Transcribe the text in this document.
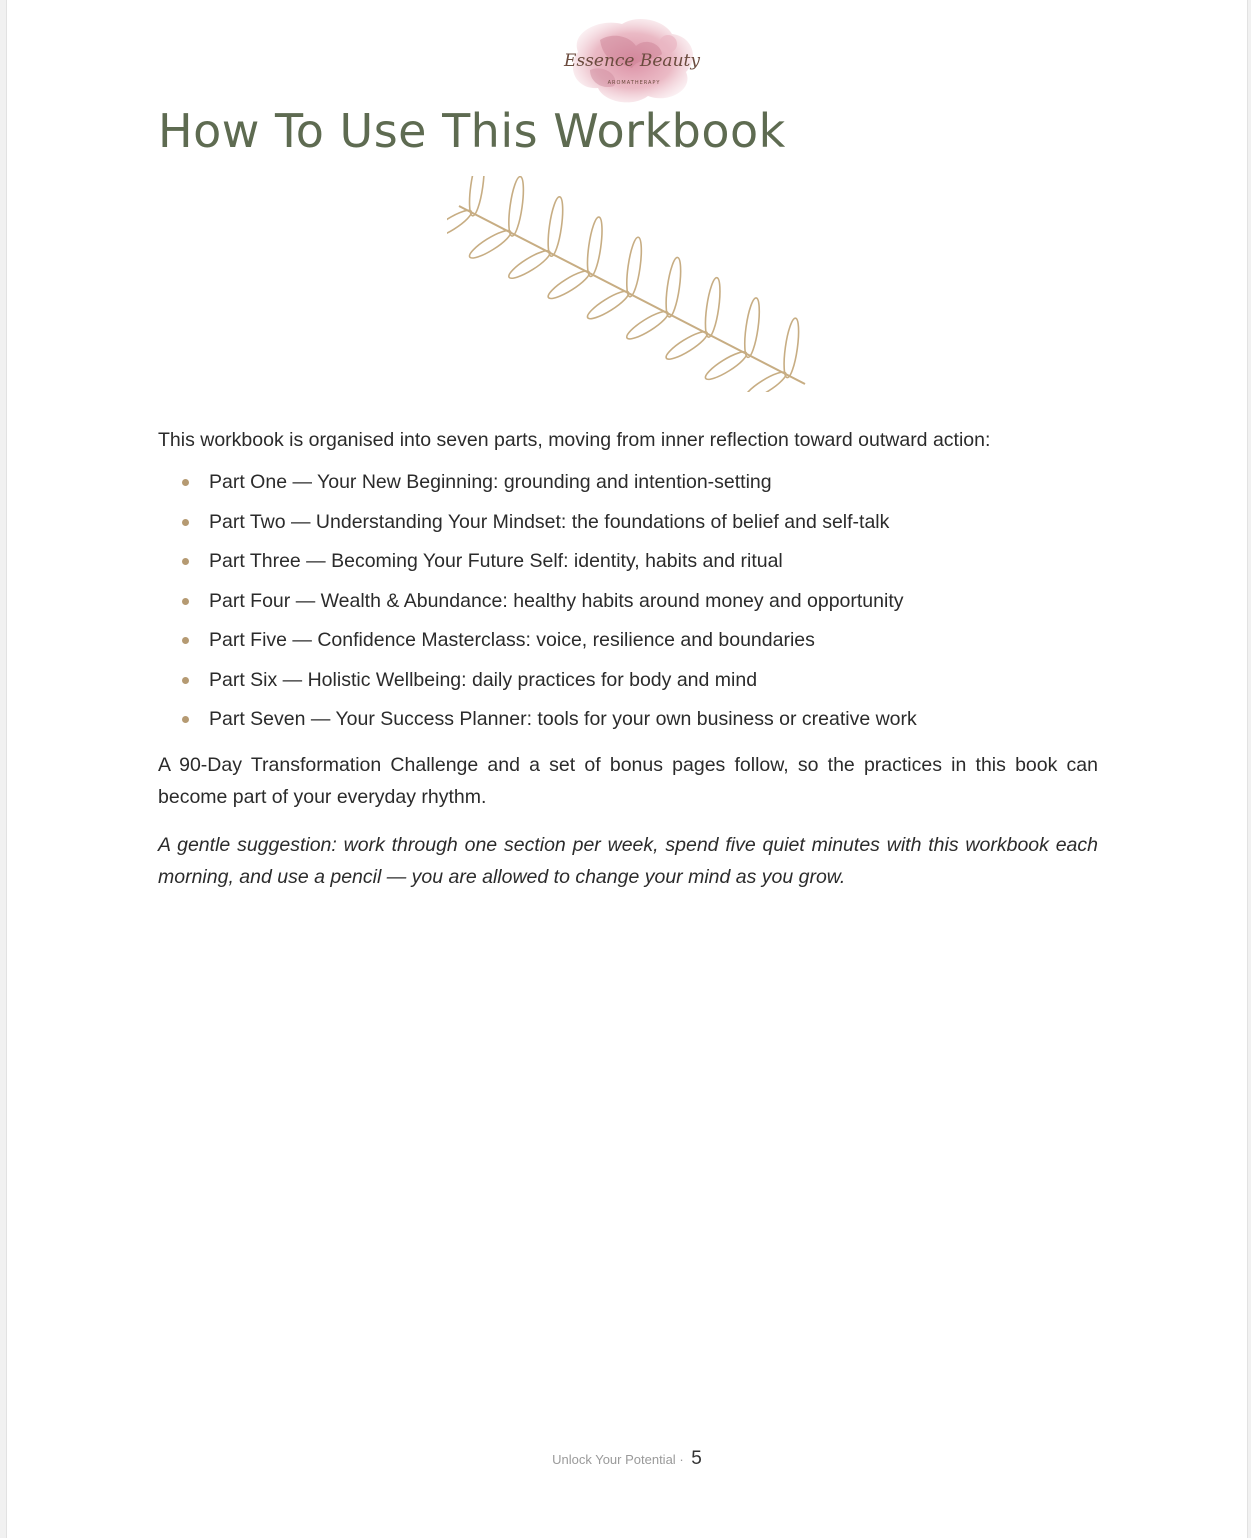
Essence Beauty
AROMATHERAPY
How To Use This Workbook

This workbook is organised into seven parts, moving from inner reflection toward outward action:

Part One — Your New Beginning: grounding and intention-setting
Part Two — Understanding Your Mindset: the foundations of belief and self-talk
Part Three — Becoming Your Future Self: identity, habits and ritual
Part Four — Wealth & Abundance: healthy habits around money and opportunity
Part Five — Confidence Masterclass: voice, resilience and boundaries
Part Six — Holistic Wellbeing: daily practices for body and mind
Part Seven — Your Success Planner: tools for your own business or creative work

A 90-Day Transformation Challenge and a set of bonus pages follow, so the practices in this book can become part of your everyday rhythm.

A gentle suggestion: work through one section per week, spend five quiet minutes with this workbook each morning, and use a pencil — you are allowed to change your mind as you grow.

Unlock Your Potential · 5
